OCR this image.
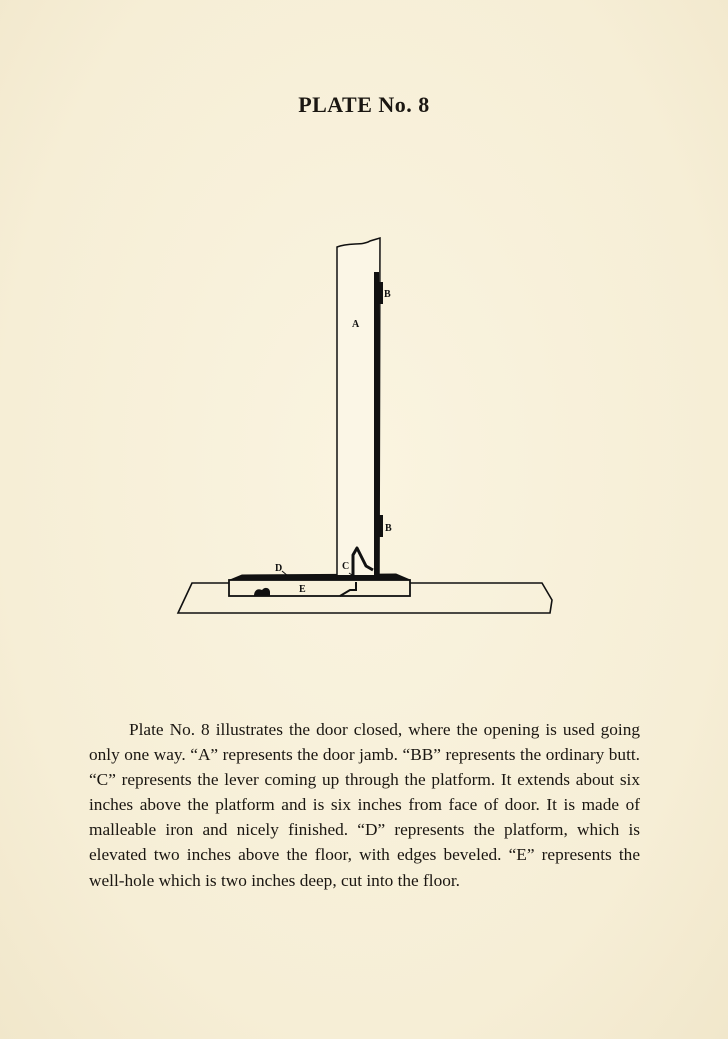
PLATE No. 8
A
B
B
C
D
E

Plate No. 8 illustrates the door closed, where the opening is used going only one way. “A” represents the door jamb. “BB” represents the ordinary butt. “C” represents the lever coming up through the platform. It extends about six inches above the platform and is six inches from face of door. It is made of malleable iron and nicely finished. “D” represents the platform, which is elevated two inches above the floor, with edges beveled. “E” represents the well-hole which is two inches deep, cut into the floor.
